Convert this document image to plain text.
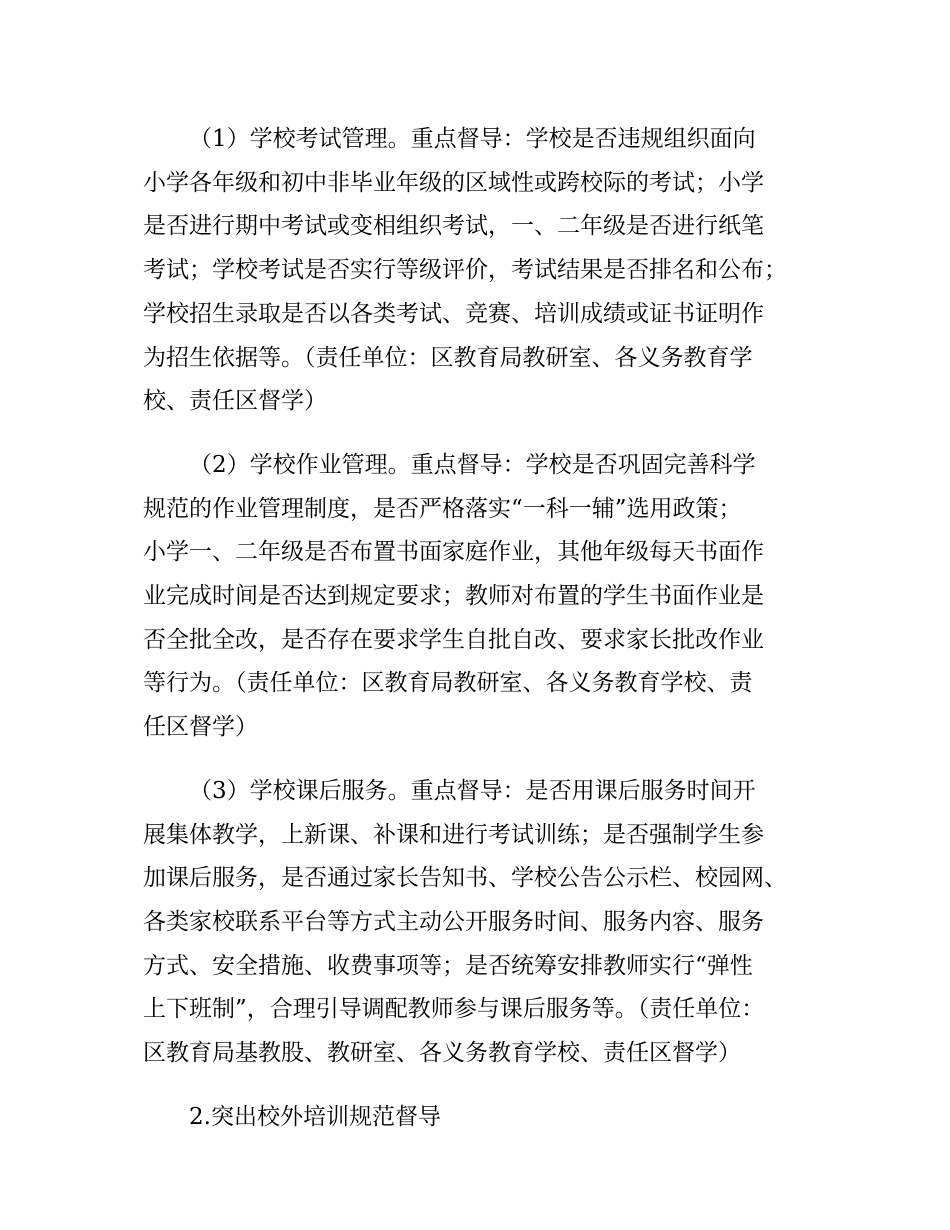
（1）学校考试管理。重点督导：学校是否违规组织面向
小学各年级和初中非毕业年级的区域性或跨校际的考试；小学
是否进行期中考试或变相组织考试，一、二年级是否进行纸笔
考试；学校考试是否实行等级评价，考试结果是否排名和公布；
学校招生录取是否以各类考试、竞赛、培训成绩或证书证明作
为招生依据等。（责任单位：区教育局教研室、各义务教育学
校、责任区督学）
（2）学校作业管理。重点督导：学校是否巩固完善科学
规范的作业管理制度，是否严格落实“一科一辅”选用政策；
小学一、二年级是否布置书面家庭作业，其他年级每天书面作
业完成时间是否达到规定要求；教师对布置的学生书面作业是
否全批全改，是否存在要求学生自批自改、要求家长批改作业
等行为。（责任单位：区教育局教研室、各义务教育学校、责
任区督学）
（3）学校课后服务。重点督导：是否用课后服务时间开
展集体教学，上新课、补课和进行考试训练；是否强制学生参
加课后服务，是否通过家长告知书、学校公告公示栏、校园网、
各类家校联系平台等方式主动公开服务时间、服务内容、服务
方式、安全措施、收费事项等；是否统筹安排教师实行“弹性
上下班制”，合理引导调配教师参与课后服务等。（责任单位：
区教育局基教股、教研室、各义务教育学校、责任区督学）
2.突出校外培训规范督导
